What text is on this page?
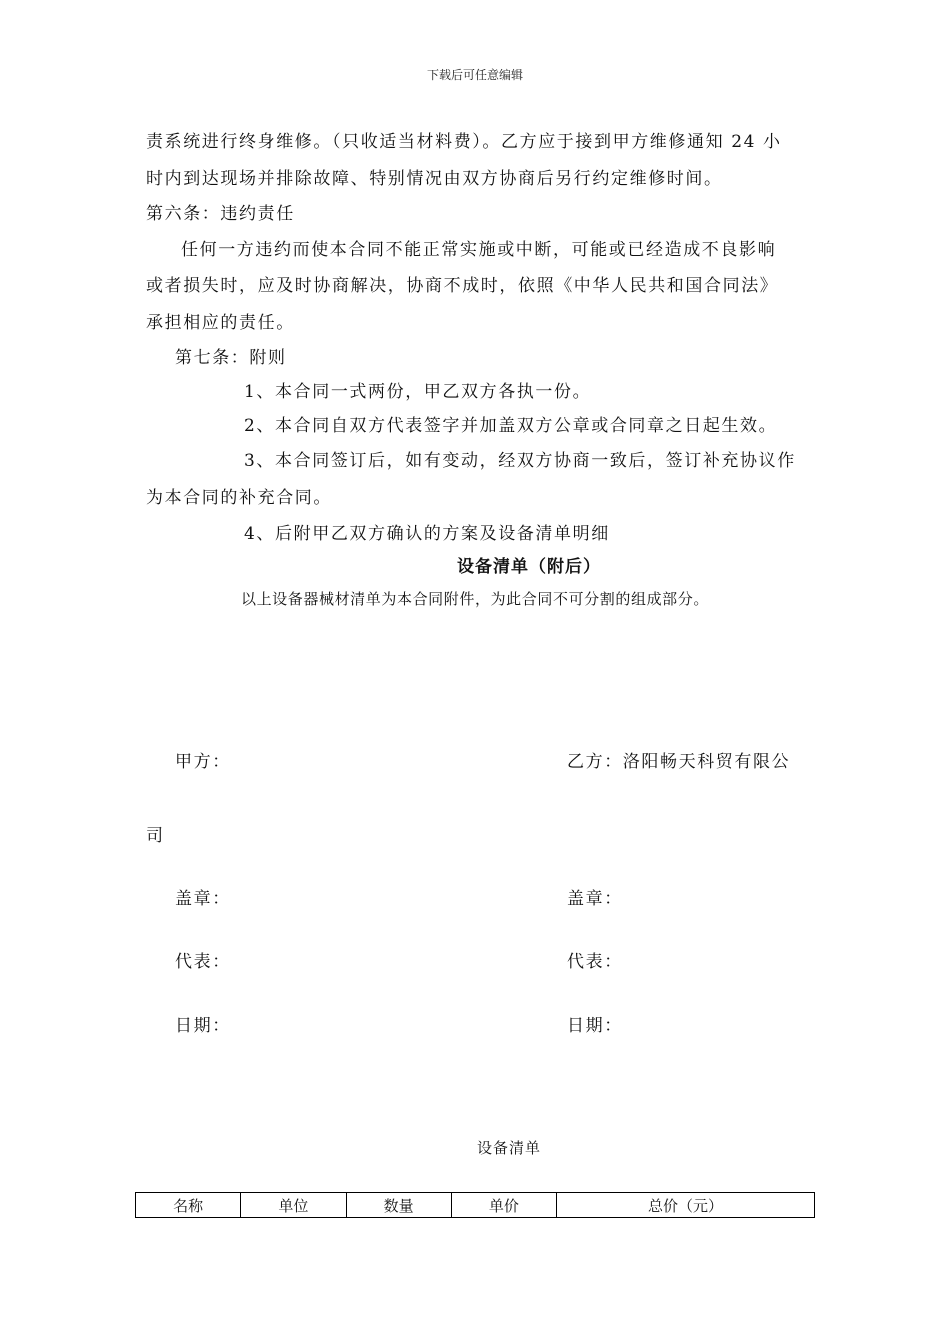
下载后可任意编辑
责系统进行终身维修。（只收适当材料费）。乙方应于接到甲方维修通知 24 小
时内到达现场并排除故障、特别情况由双方协商后另行约定维修时间。
第六条：违约责任
任何一方违约而使本合同不能正常实施或中断，可能或已经造成不良影响
或者损失时，应及时协商解决，协商不成时，依照《中华人民共和国合同法》
承担相应的责任。
第七条：附则
1、本合同一式两份，甲乙双方各执一份。
2、本合同自双方代表签字并加盖双方公章或合同章之日起生效。
3、本合同签订后，如有变动，经双方协商一致后，签订补充协议作
为本合同的补充合同。
4、后附甲乙双方确认的方案及设备清单明细
设备清单（附后）
以上设备器械材清单为本合同附件，为此合同不可分割的组成部分。
甲方：	乙方：洛阳畅天科贸有限公
司
盖章：	盖章：
代表：	代表：
日期：	日期：
设备清单
名称	单位	数量	单价	总价（元）
